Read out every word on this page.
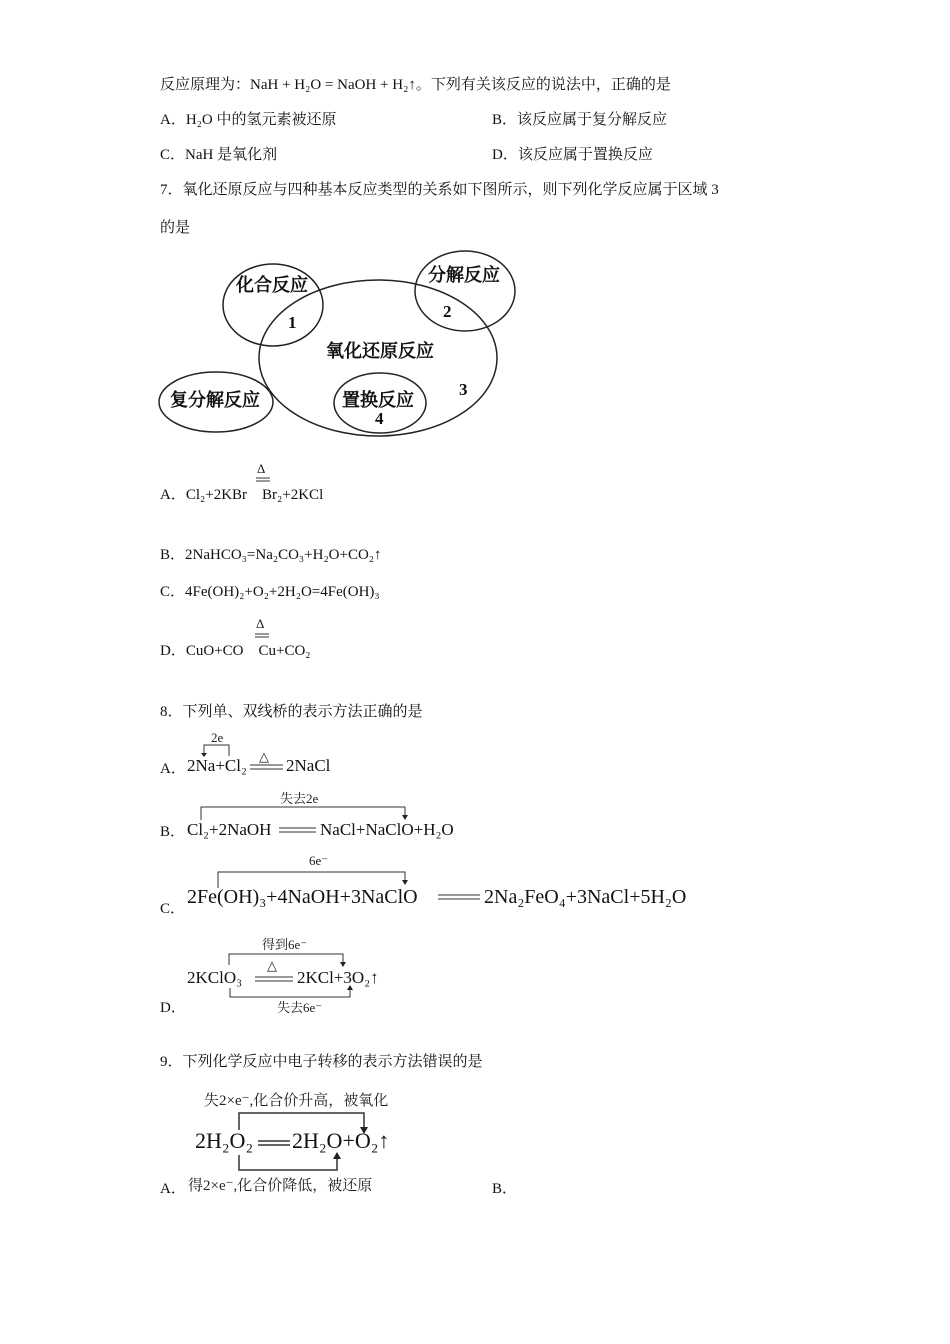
反应原理为：NaH + H₂O = NaOH + H₂↑。下列有关该反应的说法中，正确的是
A．H₂O 中的氢元素被还原	B．该反应属于复分解反应
C．NaH 是氧化剂	D．该反应属于置换反应
7．氧化还原反应与四种基本反应类型的关系如下图所示，则下列化学反应属于区域 3
的是
化合反应	分解反应
氧化还原反应
复分解反应	置换反应
1
2
3
4
Δ
A．Cl₂+2KBr    Br₂+2KCl
B．2NaHCO₃=Na₂CO₃+H₂O+CO₂↑
C．4Fe(OH)₂+O₂+2H₂O=4Fe(OH)₃
Δ
D．CuO+CO    Cu+CO₂
8．下列单、双线桥的表示方法正确的是
A．
2e
△
2Na+Cl₂ 2NaCl
B．
失去2e
Cl₂+2NaOH	NaCl+NaClO+H₂O
C．
6e⁻
2Fe(OH)₃+4NaOH+3NaClO	2Na₂FeO₄+3NaCl+5H₂O
得到6e⁻
△
2KClO₃	2KCl+3O₂↑
失去6e⁻
D．
9．下列化学反应中电子转移的表示方法错误的是
失2×e⁻,化合价升高，被氧化
2H₂O₂ 2H₂O+O₂↑
A． 得2×e⁻,化合价降低，被还原	B．
